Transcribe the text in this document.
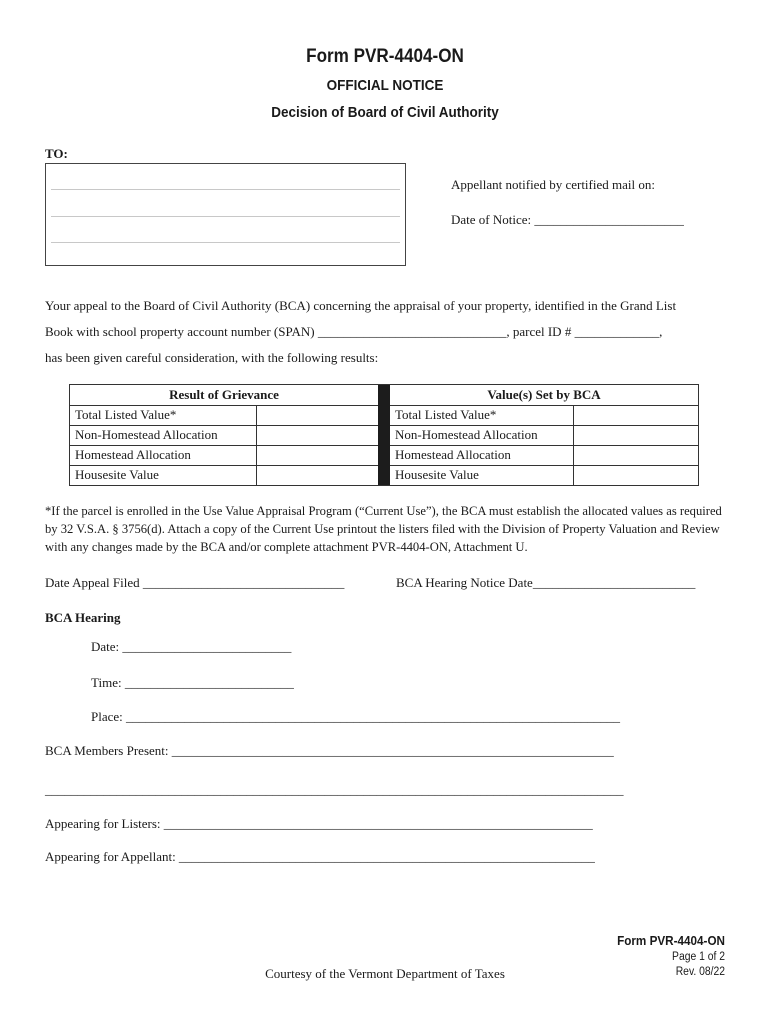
Form PVR-4404-ON
OFFICIAL NOTICE
Decision of Board of Civil Authority
TO:
Appellant notified by certified mail on:
Date of Notice: _______________________
Your appeal to the Board of Civil Authority (BCA) concerning the appraisal of your property, identified in the Grand List
Book with school property account number (SPAN) _____________________________, parcel ID # _____________,
has been given careful consideration, with the following results:
Result of Grievance
Total Listed Value*
Non-Homestead Allocation
Homestead Allocation
Housesite Value
Value(s) Set by BCA
Total Listed Value*
Non-Homestead Allocation
Homestead Allocation
Housesite Value
*If the parcel is enrolled in the Use Value Appraisal Program (“Current Use”), the BCA must establish the allocated values as required by 32 V.S.A. § 3756(d). Attach a copy of the Current Use printout the listers filed with the Division of Property Valuation and Review with any changes made by the BCA and/or complete attachment PVR-4404-ON, Attachment U.
Date Appeal Filed _______________________________	BCA Hearing Notice Date_________________________
BCA Hearing
Date: __________________________
Time: __________________________
Place: ____________________________________________________________________________
BCA Members Present: ____________________________________________________________________
_________________________________________________________________________________________
Appearing for Listers: __________________________________________________________________
Appearing for Appellant: ________________________________________________________________
Form PVR-4404-ON
Page 1 of 2
Rev. 08/22
Courtesy of the Vermont Department of Taxes
